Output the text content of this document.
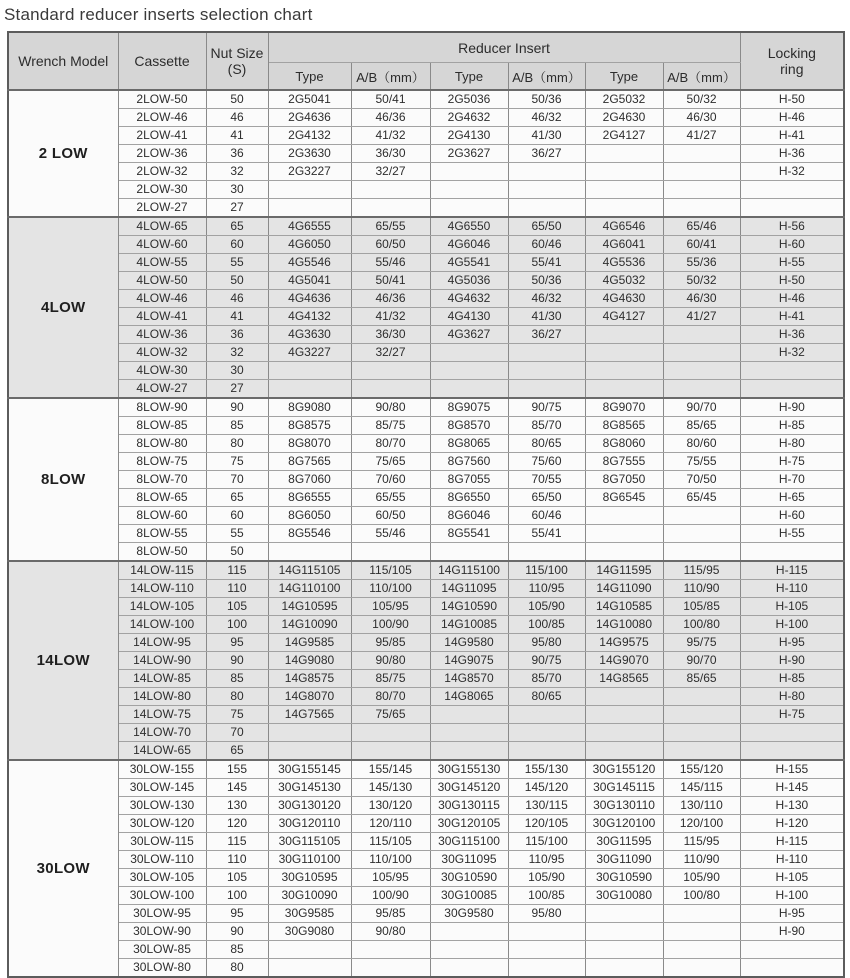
Standard reducer inserts selection chart
Wrench Model	Cassette	Nut Size
(S)
	Reducer Insert	Locking
ring

			Type	A/B（mm）	Type	A/B（mm）	Type	A/B（mm）	
2 LOW	2LOW-50	50	2G5041	50/41	2G5036	50/36	2G5032	50/32	H-50
	2LOW-46	46	2G4636	46/36	2G4632	46/32	2G4630	46/30	H-46
	2LOW-41	41	2G4132	41/32	2G4130	41/30	2G4127	41/27	H-41
	2LOW-36	36	2G3630	36/30	2G3627	36/27			H-36
	2LOW-32	32	2G3227	32/27					H-32
	2LOW-30	30							
	2LOW-27	27							
4LOW	4LOW-65	65	4G6555	65/55	4G6550	65/50	4G6546	65/46	H-56
	4LOW-60	60	4G6050	60/50	4G6046	60/46	4G6041	60/41	H-60
	4LOW-55	55	4G5546	55/46	4G5541	55/41	4G5536	55/36	H-55
	4LOW-50	50	4G5041	50/41	4G5036	50/36	4G5032	50/32	H-50
	4LOW-46	46	4G4636	46/36	4G4632	46/32	4G4630	46/30	H-46
	4LOW-41	41	4G4132	41/32	4G4130	41/30	4G4127	41/27	H-41
	4LOW-36	36	4G3630	36/30	4G3627	36/27			H-36
	4LOW-32	32	4G3227	32/27					H-32
	4LOW-30	30							
	4LOW-27	27							
8LOW	8LOW-90	90	8G9080	90/80	8G9075	90/75	8G9070	90/70	H-90
	8LOW-85	85	8G8575	85/75	8G8570	85/70	8G8565	85/65	H-85
	8LOW-80	80	8G8070	80/70	8G8065	80/65	8G8060	80/60	H-80
	8LOW-75	75	8G7565	75/65	8G7560	75/60	8G7555	75/55	H-75
	8LOW-70	70	8G7060	70/60	8G7055	70/55	8G7050	70/50	H-70
	8LOW-65	65	8G6555	65/55	8G6550	65/50	8G6545	65/45	H-65
	8LOW-60	60	8G6050	60/50	8G6046	60/46			H-60
	8LOW-55	55	8G5546	55/46	8G5541	55/41			H-55
	8LOW-50	50							
14LOW	14LOW-115	115	14G115105	115/105	14G115100	115/100	14G11595	115/95	H-115
	14LOW-110	110	14G110100	110/100	14G11095	110/95	14G11090	110/90	H-110
	14LOW-105	105	14G10595	105/95	14G10590	105/90	14G10585	105/85	H-105
	14LOW-100	100	14G10090	100/90	14G10085	100/85	14G10080	100/80	H-100
	14LOW-95	95	14G9585	95/85	14G9580	95/80	14G9575	95/75	H-95
	14LOW-90	90	14G9080	90/80	14G9075	90/75	14G9070	90/70	H-90
	14LOW-85	85	14G8575	85/75	14G8570	85/70	14G8565	85/65	H-85
	14LOW-80	80	14G8070	80/70	14G8065	80/65			H-80
	14LOW-75	75	14G7565	75/65					H-75
	14LOW-70	70							
	14LOW-65	65							
30LOW	30LOW-155	155	30G155145	155/145	30G155130	155/130	30G155120	155/120	H-155
	30LOW-145	145	30G145130	145/130	30G145120	145/120	30G145115	145/115	H-145
	30LOW-130	130	30G130120	130/120	30G130115	130/115	30G130110	130/110	H-130
	30LOW-120	120	30G120110	120/110	30G120105	120/105	30G120100	120/100	H-120
	30LOW-115	115	30G115105	115/105	30G115100	115/100	30G11595	115/95	H-115
	30LOW-110	110	30G110100	110/100	30G11095	110/95	30G11090	110/90	H-110
	30LOW-105	105	30G10595	105/95	30G10590	105/90	30G10590	105/90	H-105
	30LOW-100	100	30G10090	100/90	30G10085	100/85	30G10080	100/80	H-100
	30LOW-95	95	30G9585	95/85	30G9580	95/80			H-95
	30LOW-90	90	30G9080	90/80					H-90
	30LOW-85	85							
	30LOW-80	80							
